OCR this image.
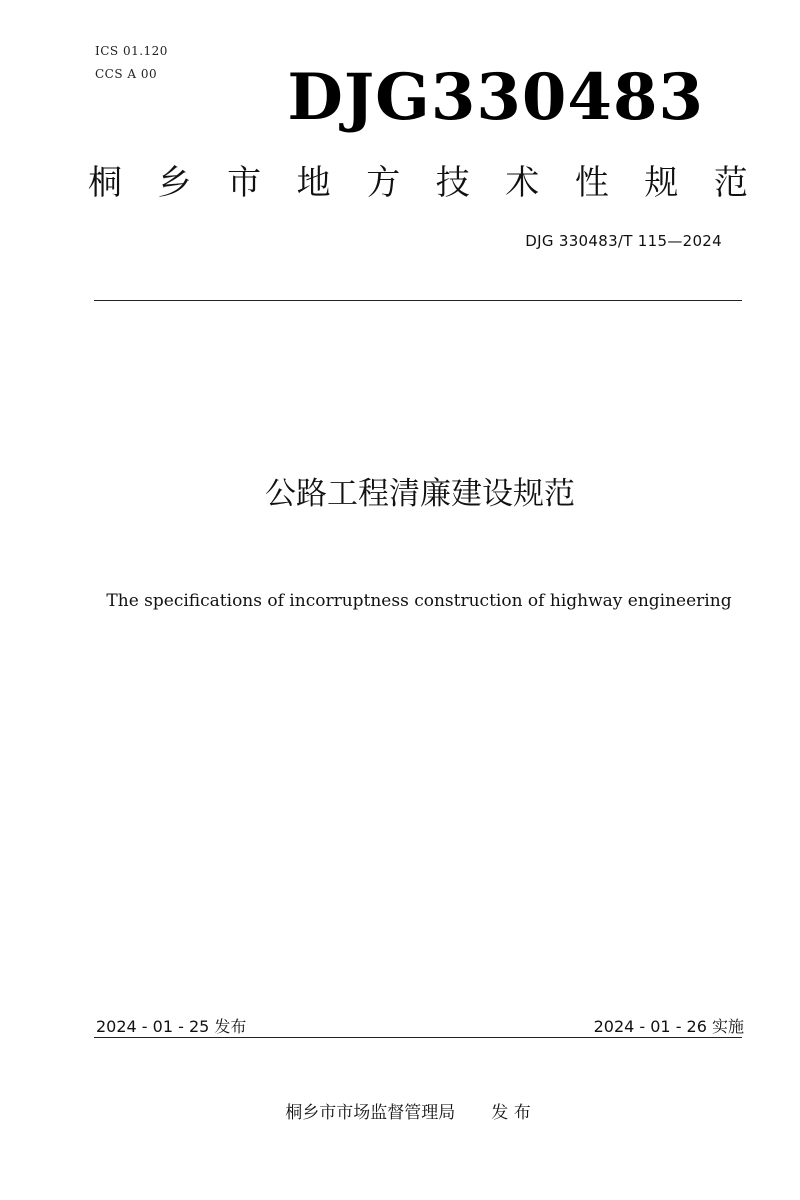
ICS 01.120
CCS A 00 DJG330483
桐 乡 市 地 方 技 术 性 规 范
DJG 330483/T 115—2024
公路工程清廉建设规范
The specifications of incorruptness construction of highway engineering
2024 - 01 - 25 发布	2024 - 01 - 26 实施
桐乡市市场监督管理局 发 布
